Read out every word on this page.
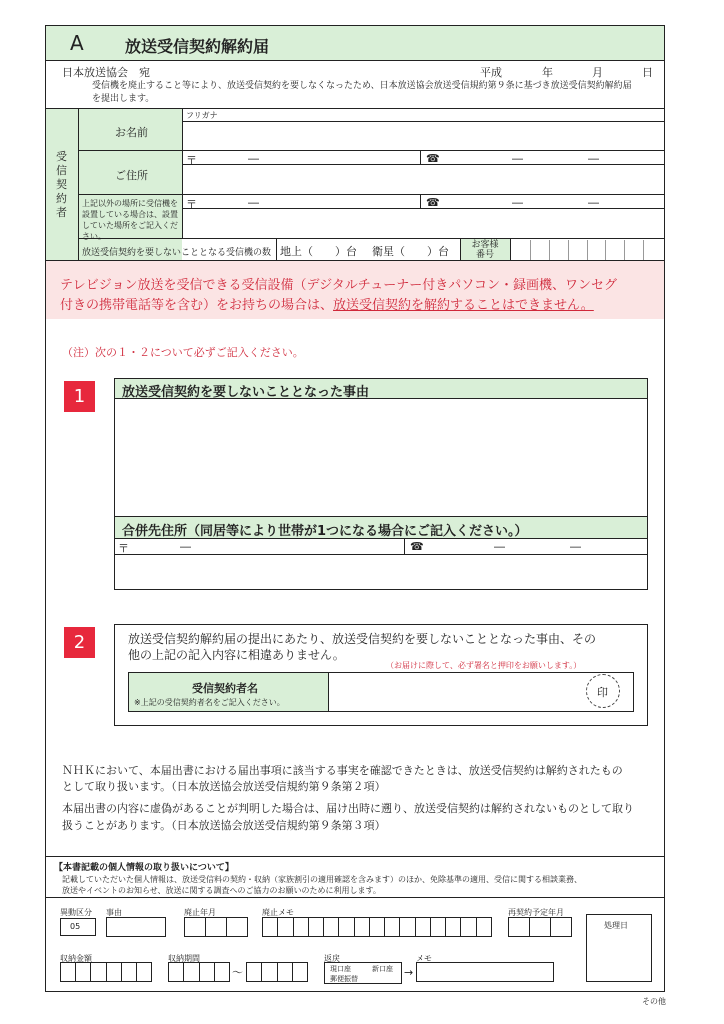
A	放送受信契約解約届
日本放送協会　宛	平成	年	月	日
受信機を廃止すること等により、放送受信契約を要しなくなったため、日本放送協会放送受信規約第９条に基づき放送受信契約解約届を提出します。
受信契約者
フリガナ
お名前
ご住所
〒	―	☎	―	―
上記以外の場所に受信機を設置している場合は、設置していた場所をご記入ください。
〒	―	☎	―	―
放送受信契約を要しないこととなる受信機の数 地上（　　）台 衛星（　　）台	お客様番号
テレビジョン放送を受信できる受信設備（デジタルチューナー付きパソコン・録画機、ワンセグ
付きの携帯電話等を含む）をお持ちの場合は、放送受信契約を解約することはできません。
（注）次の１・２について必ずご記入ください。
1	放送受信契約を要しないこととなった事由
合併先住所（同居等により世帯が1つになる場合にご記入ください。）
〒	―	☎	―	―
2	放送受信契約解約届の提出にあたり、放送受信契約を要しないこととなった事由、その
他の上記の記入内容に相違ありません。
（お届けに際して、必ず署名と押印をお願いします。）
受信契約者名
※上記の受信契約者名をご記入ください。
印
ＮＨＫにおいて、本届出書における届出事項に該当する事実を確認できたときは、放送受信契約は解約されたもの
として取り扱います。（日本放送協会放送受信規約第９条第２項）
本届出書の内容に虚偽があることが判明した場合は、届け出時に遡り、放送受信契約は解約されないものとして取り
扱うことがあります。（日本放送協会放送受信規約第９条第３項）
【本書記載の個人情報の取り扱いについて】
記載していただいた個人情報は、放送受信料の契約・収納（家族割引の適用確認を含みます）のほか、免除基準の適用、受信に関する相談業務、
放送やイベントのお知らせ、放送に関する調査へのご協力のお願いのために利用します。
異動区分
05
事由	廃止年月	廃止メモ	再契約予定年月
処理日
収納金額	収納期間
～
返戻
現口座	新口座
郵便振替	→
メモ
その他
